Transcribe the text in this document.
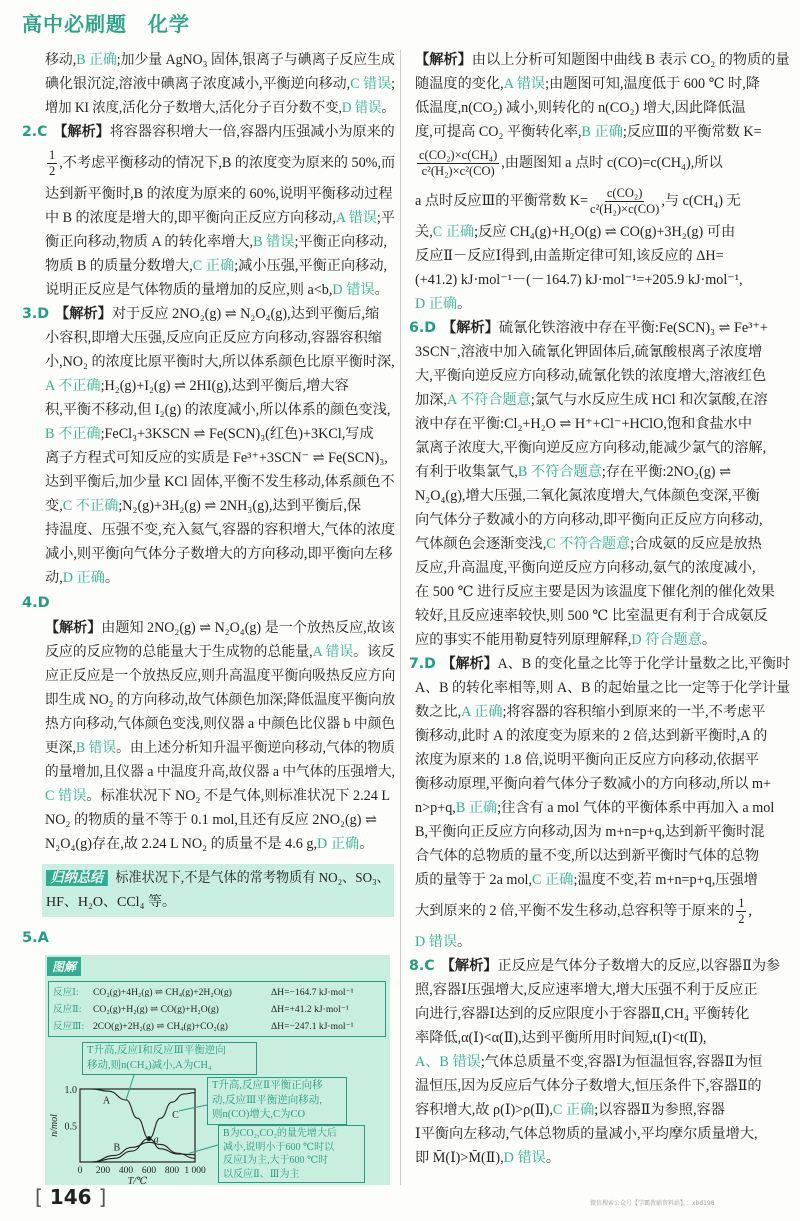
高中必刷题　化学
移动, B 正确 ;加少量 AgNO₃ 固体,银离子与碘离子反应生成
碘化银沉淀,溶液中碘离子浓度减小,平衡逆向移动, C 错误 ;
增加 KI 浓度,活化分子数增大,活化分子百分数不变, D 错误 。
2.C 【解析】 将容器容积增大一倍,容器内压强减小为原来的
$\frac{1}{2}$ ,不考虑平衡移动的情况下,B 的浓度变为原来的 50%,而
达到新平衡时,B 的浓度为原来的 60%,说明平衡移动过程
中 B 的浓度是增大的,即平衡向正反应方向移动, A 错误 ;平
衡正向移动,物质 A 的转化率增大, B 错误 ;平衡正向移动,
物质 B 的质量分数增大, C 正确 ;减小压强,平衡正向移动,
说明正反应是气体物质的量增加的反应,则 a<b, D 错误 。
3.D 【解析】 对于反应 2NO₂(g) ⇌ N₂O₄(g),达到平衡后,缩
小容积,即增大压强,反应向正反应方向移动,容器容积缩
小,NO₂ 的浓度比原平衡时大,所以体系颜色比原平衡时深,
A 不正确 ;H₂(g)+I₂(g) ⇌ 2HI(g),达到平衡后,增大容
积,平衡不移动,但 I₂(g) 的浓度减小,所以体系的颜色变浅,
B 不正确 ;FeCl₃+3KSCN ⇌ Fe(SCN)₃(红色)+3KCl,写成
离子方程式可知反应的实质是 Fe³⁺+3SCN⁻ ⇌ Fe(SCN)₃,
达到平衡后,加少量 KCl 固体,平衡不发生移动,体系颜色不
变, C 不正确 ;N₂(g)+3H₂(g) ⇌ 2NH₃(g),达到平衡后,保
持温度、压强不变,充入氦气,容器的容积增大,气体的浓度
减小,则平衡向气体分子数增大的方向移动,即平衡向左移
动, D 正确 。
4.D
【解析】 由题知 2NO₂(g) ⇌ N₂O₄(g) 是一个放热反应,故该
反应的反应物的总能量大于生成物的总能量, A 错误 。该反
应正反应是一个放热反应,则升高温度平衡向吸热反应方向
即生成 NO₂ 的方向移动,故气体颜色加深;降低温度平衡向放
热方向移动,气体颜色变浅,则仪器 a 中颜色比仪器 b 中颜色
更深, B 错误 。由上述分析知升温平衡逆向移动,气体的物质
的量增加,且仪器 a 中温度升高,故仪器 a 中气体的压强增大,
C 错误 。标准状况下 NO₂ 不是气体,则标准状况下 2.24 L
NO₂ 的物质的量不等于 0.1 mol,且还有反应 2NO₂(g) ⇌
N₂O₄(g)存在,故 2.24 L NO₂ 的质量不是 4.6 g, D 正确 。
归纳总结 标准状况下,不是气体的常考物质有 NO₂、SO₃、
HF、H₂O、CCl₄ 等。
5.A
1.0
0.5
0 200 400 600 800 1 000
T/℃
n/mol
A
B
C
a
图解
反应Ⅰ:	CO₂(g)+4H₂(g) ⇌ CH₄(g)+2H₂O(g)	ΔH=−164.7 kJ·mol⁻¹
反应Ⅱ:	CO₂(g)+H₂(g) ⇌ CO(g)+H₂O(g)	ΔH=+41.2 kJ·mol⁻¹
反应Ⅲ: 2CO(g)+2H₂(g) ⇌ CH₄(g)+CO₂(g)	ΔH=−247.1 kJ·mol⁻¹
T升高,反应Ⅰ和反应Ⅲ平衡逆向
移动,则n(CH₄)减小,A为CH₄
T升高,反应Ⅱ平衡正向移
动,反应Ⅲ平衡逆向移动,
则n(CO)增大,C为CO
B为CO₂,CO₂的量先增大后
减小,说明小于600 ℃时以
反应Ⅰ为主,大于600 ℃时
以反应Ⅱ、Ⅲ为主
【解析】 由以上分析可知题图中曲线 B 表示 CO₂ 的物质的量
随温度的变化, A 错误 ;由题图可知,温度低于 600 ℃ 时,降
低温度,n(CO₂) 减小,则转化的 n(CO₂) 增大,因此降低温
度,可提高 CO₂ 平衡转化率, B 正确 ;反应Ⅲ的平衡常数 K=
$\frac{\text{c(CO₂)×c(CH₄)}}{\text{c²(H₂)×c²(CO)}}$ ,由题图知 a 点时 c(CO)=c(CH₄),所以
a 点时反应Ⅲ的平衡常数 $K= \frac{\text{c(CO₂)}}{\text{c²(H₂)×c(CO)}}$ ,与 c(CH₄) 无
关, C 正确 ;反应 CH₄(g)+H₂O(g) ⇌ CO(g)+3H₂(g) 可由
反应Ⅱ－反应Ⅰ得到,由盖斯定律可知,该反应的 ΔH=
(+41.2) kJ·mol⁻¹－(－164.7) kJ·mol⁻¹=+205.9 kJ·mol⁻¹,
D 正确 。
6.D 【解析】 硫氰化铁溶液中存在平衡:Fe(SCN)₃ ⇌ Fe³⁺+
3SCN⁻,溶液中加入硫氰化钾固体后,硫氰酸根离子浓度增
大,平衡向逆反应方向移动,硫氰化铁的浓度增大,溶液红色
加深, A 不符合题意 ;氯气与水反应生成 HCl 和次氯酸,在溶
液中存在平衡:Cl₂+H₂O ⇌ H⁺+Cl⁻+HClO,饱和食盐水中
氯离子浓度大,平衡向逆反应方向移动,能减少氯气的溶解,
有利于收集氯气, B 不符合题意 ;存在平衡:2NO₂(g) ⇌
N₂O₄(g),增大压强,二氧化氮浓度增大,气体颜色变深,平衡
向气体分子数减小的方向移动,即平衡向正反应方向移动,
气体颜色会逐渐变浅, C 不符合题意 ;合成氨的反应是放热
反应,升高温度,平衡向逆反应方向移动,氨气的浓度减小,
在 500 ℃ 进行反应主要是因为该温度下催化剂的催化效果
较好,且反应速率较快,则 500 ℃ 比室温更有利于合成氨反
应的事实不能用勒夏特列原理解释, D 符合题意 。
7.D 【解析】 A、B 的变化量之比等于化学计量数之比,平衡时
A、B 的转化率相等,则 A、B 的起始量之比一定等于化学计量
数之比, A 正确 ;将容器的容积缩小到原来的一半,不考虑平
衡移动,此时 A 的浓度变为原来的 2 倍,达到新平衡时,A 的
浓度为原来的 1.8 倍,说明平衡向正反应方向移动,依据平
衡移动原理,平衡向着气体分子数减小的方向移动,所以 m+
n>p+q, B 正确 ;往含有 a mol 气体的平衡体系中再加入 a mol
B,平衡向正反应方向移动,因为 m+n=p+q,达到新平衡时混
合气体的总物质的量不变,所以达到新平衡时气体的总物
质的量等于 2a mol, C 正确 ;温度不变,若 m+n=p+q,压强增
大到原来的 2 倍,平衡不发生移动,总容积等于原来的 $\frac{1}{2}$ ,
D 错误 。
8.C 【解析】 正反应是气体分子数增大的反应,以容器Ⅱ为参
照,容器Ⅰ压强增大,反应速率增大,增大压强不利于反应正
向进行,容器Ⅰ达到的反应限度小于容器Ⅱ,CH₄ 平衡转化
率降低,α(Ⅰ)<α(Ⅱ),达到平衡所用时间短,t(Ⅰ)<t(Ⅱ),
A、B 错误 ;气体总质量不变,容器Ⅰ为恒温恒容,容器Ⅱ为恒
温恒压,因为反应后气体分子数增大,恒压条件下,容器Ⅱ的
容积增大,故 ρ(Ⅰ)>ρ(Ⅱ), C 正确 ;以容器Ⅱ为参照,容器
Ⅰ平衡向左移动,气体总物质的量减小,平均摩尔质量增大,
即 M̄(Ⅰ)>M̄(Ⅱ), D 错误 。
[ 146 ]	微信搜索公众号【学霸教辅资料站】，：xbd198
